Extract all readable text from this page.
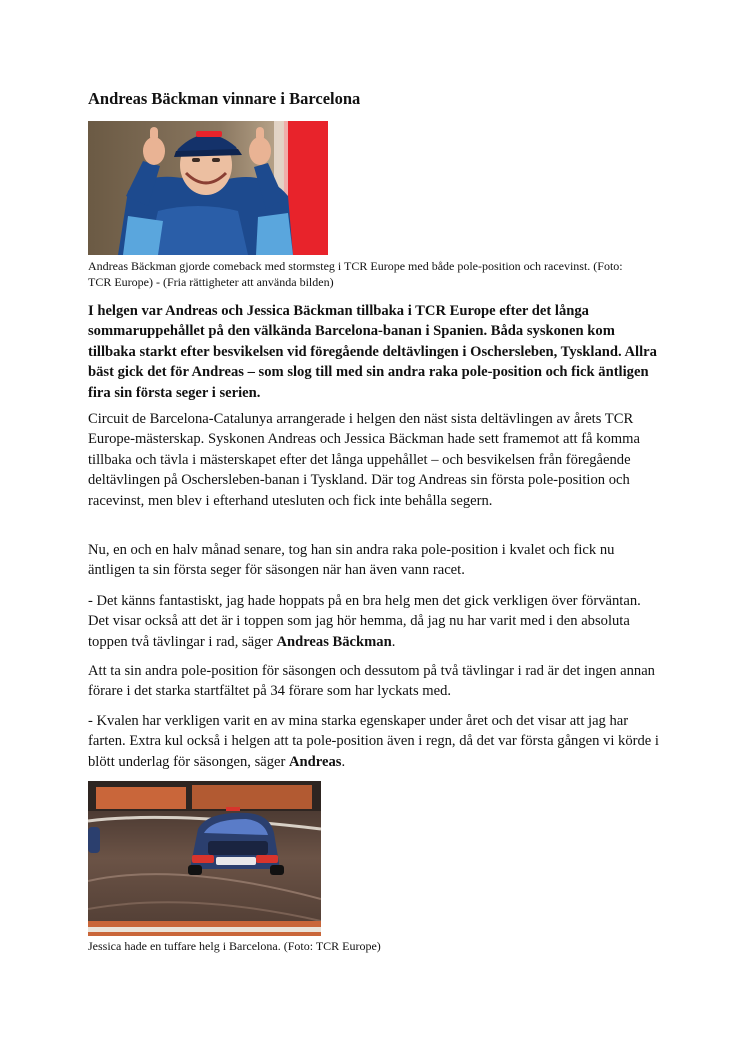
Andreas Bäckman vinnare i Barcelona

Andreas Bäckman gjorde comeback med stormsteg i TCR Europe med både pole-position och racevinst. (Foto: TCR Europe) - (Fria rättigheter att använda bilden)

I helgen var Andreas och Jessica Bäckman tillbaka i TCR Europe efter det långa sommaruppehållet på den välkända Barcelona-banan i Spanien. Båda syskonen kom tillbaka starkt efter besvikelsen vid föregående deltävlingen i Oschersleben, Tyskland. Allra bäst gick det för Andreas – som slog till med sin andra raka pole-position och fick äntligen fira sin första seger i serien.

Circuit de Barcelona-Catalunya arrangerade i helgen den näst sista deltävlingen av årets TCR Europe-mästerskap. Syskonen Andreas och Jessica Bäckman hade sett framemot att få komma tillbaka och tävla i mästerskapet efter det långa uppehållet – och besvikelsen från föregående deltävlingen på Oschersleben-banan i Tyskland. Där tog Andreas sin första pole-position och racevinst, men blev i efterhand utesluten och fick inte behålla segern.

Nu, en och en halv månad senare, tog han sin andra raka pole-position i kvalet och fick nu äntligen ta sin första seger för säsongen när han även vann racet.

- Det känns fantastiskt, jag hade hoppats på en bra helg men det gick verkligen över förväntan. Det visar också att det är i toppen som jag hör hemma, då jag nu har varit med i den absoluta toppen två tävlingar i rad, säger Andreas Bäckman.

Att ta sin andra pole-position för säsongen och dessutom på två tävlingar i rad är det ingen annan förare i det starka startfältet på 34 förare som har lyckats med.

- Kvalen har verkligen varit en av mina starka egenskaper under året och det visar att jag har farten. Extra kul också i helgen att ta pole-position även i regn, då det var första gången vi körde i blött underlag för säsongen, säger Andreas.

Jessica hade en tuffare helg i Barcelona. (Foto: TCR Europe)
